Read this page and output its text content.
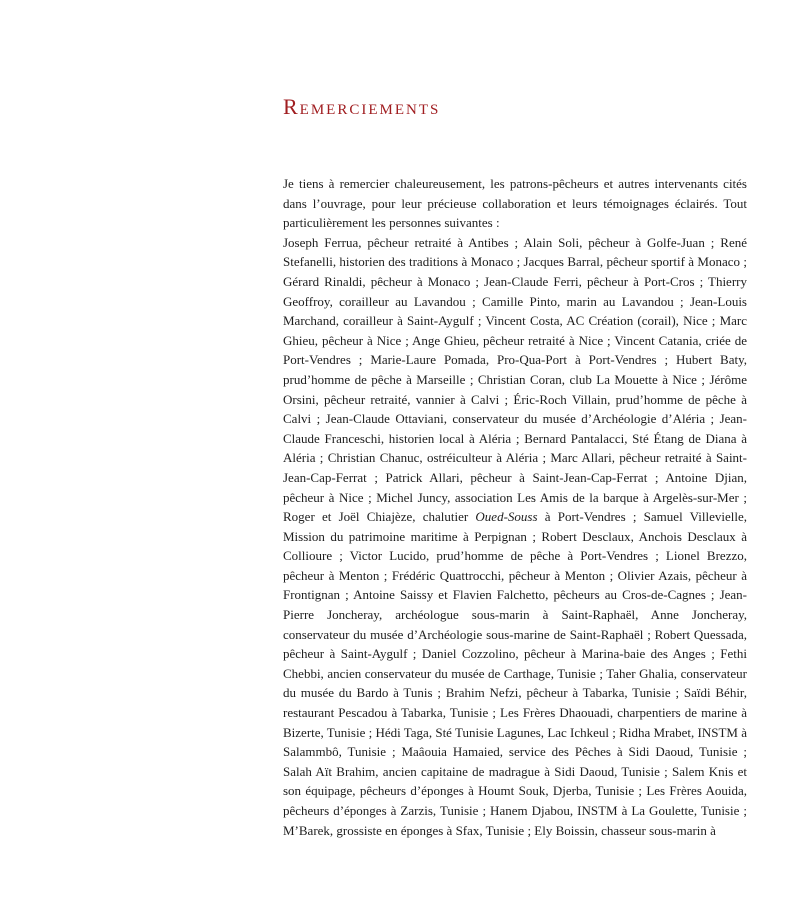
Remerciements

Je tiens à remercier chaleureusement, les patrons-pêcheurs et autres intervenants cités dans l’ouvrage, pour leur précieuse collaboration et leurs témoignages éclairés. Tout particulièrement les personnes suivantes :

Joseph Ferrua, pêcheur retraité à Antibes ; Alain Soli, pêcheur à Golfe-Juan ; René Stefanelli, historien des traditions à Monaco ; Jacques Barral, pêcheur sportif à Monaco ; Gérard Rinaldi, pêcheur à Monaco ; Jean-Claude Ferri, pêcheur à Port-Cros ; Thierry Geoffroy, corailleur au Lavandou ; Camille Pinto, marin au Lavandou ; Jean-Louis Marchand, corailleur à Saint-Aygulf ; Vincent Costa, AC Création (corail), Nice ; Marc Ghieu, pêcheur à Nice ; Ange Ghieu, pêcheur retraité à Nice ; Vincent Catania, criée de Port-Vendres ; Marie-Laure Pomada, Pro-Qua-Port à Port-Vendres ; Hubert Baty, prud’homme de pêche à Marseille ; Christian Coran, club La Mouette à Nice ; Jérôme Orsini, pêcheur retraité, vannier à Calvi ; Éric-Roch Villain, prud’homme de pêche à Calvi ; Jean-Claude Ottaviani, conservateur du musée d’Archéologie d’Aléria ; Jean-Claude Franceschi, historien local à Aléria ; Bernard Pantalacci, Sté Étang de Diana à Aléria ; Christian Chanuc, ostréiculteur à Aléria ; Marc Allari, pêcheur retraité à Saint-Jean-Cap-Ferrat ; Patrick Allari, pêcheur à Saint-Jean-Cap-Ferrat ; Antoine Djian, pêcheur à Nice ; Michel Juncy, association Les Amis de la barque à Argelès-sur-Mer ; Roger et Joël Chiajèze, chalutier Oued-Souss à Port-Vendres ; Samuel Villevielle, Mission du patrimoine maritime à Perpignan ; Robert Desclaux, Anchois Desclaux à Collioure ; Victor Lucido, prud’homme de pêche à Port-Vendres ; Lionel Brezzo, pêcheur à Menton ; Frédéric Quattrocchi, pêcheur à Menton ; Olivier Azais, pêcheur à Frontignan ; Antoine Saissy et Flavien Falchetto, pêcheurs au Cros-de-Cagnes ; Jean-Pierre Joncheray, archéologue sous-marin à Saint-Raphaël, Anne Joncheray, conservateur du musée d’Archéologie sous-marine de Saint-Raphaël ; Robert Quessada, pêcheur à Saint-Aygulf ; Daniel Cozzolino, pêcheur à Marina-baie des Anges ; Fethi Chebbi, ancien conservateur du musée de Carthage, Tunisie ; Taher Ghalia, conservateur du musée du Bardo à Tunis ; Brahim Nefzi, pêcheur à Tabarka, Tunisie ; Saïdi Béhir, restaurant Pescadou à Tabarka, Tunisie ; Les Frères Dhaouadi, charpentiers de marine à Bizerte, Tunisie ; Hédi Taga, Sté Tunisie Lagunes, Lac Ichkeul ; Ridha Mrabet, INSTM à Salammbô, Tunisie ; Maâouia Hamaied, service des Pêches à Sidi Daoud, Tunisie ; Salah Aït Brahim, ancien capitaine de madrague à Sidi Daoud, Tunisie ; Salem Knis et son équipage, pêcheurs d’éponges à Houmt Souk, Djerba, Tunisie ; Les Frères Aouida, pêcheurs d’éponges à Zarzis, Tunisie ; Hanem Djabou, INSTM à La Goulette, Tunisie ; M’Barek, grossiste en éponges à Sfax, Tunisie ; Ely Boissin, chasseur sous-marin à
